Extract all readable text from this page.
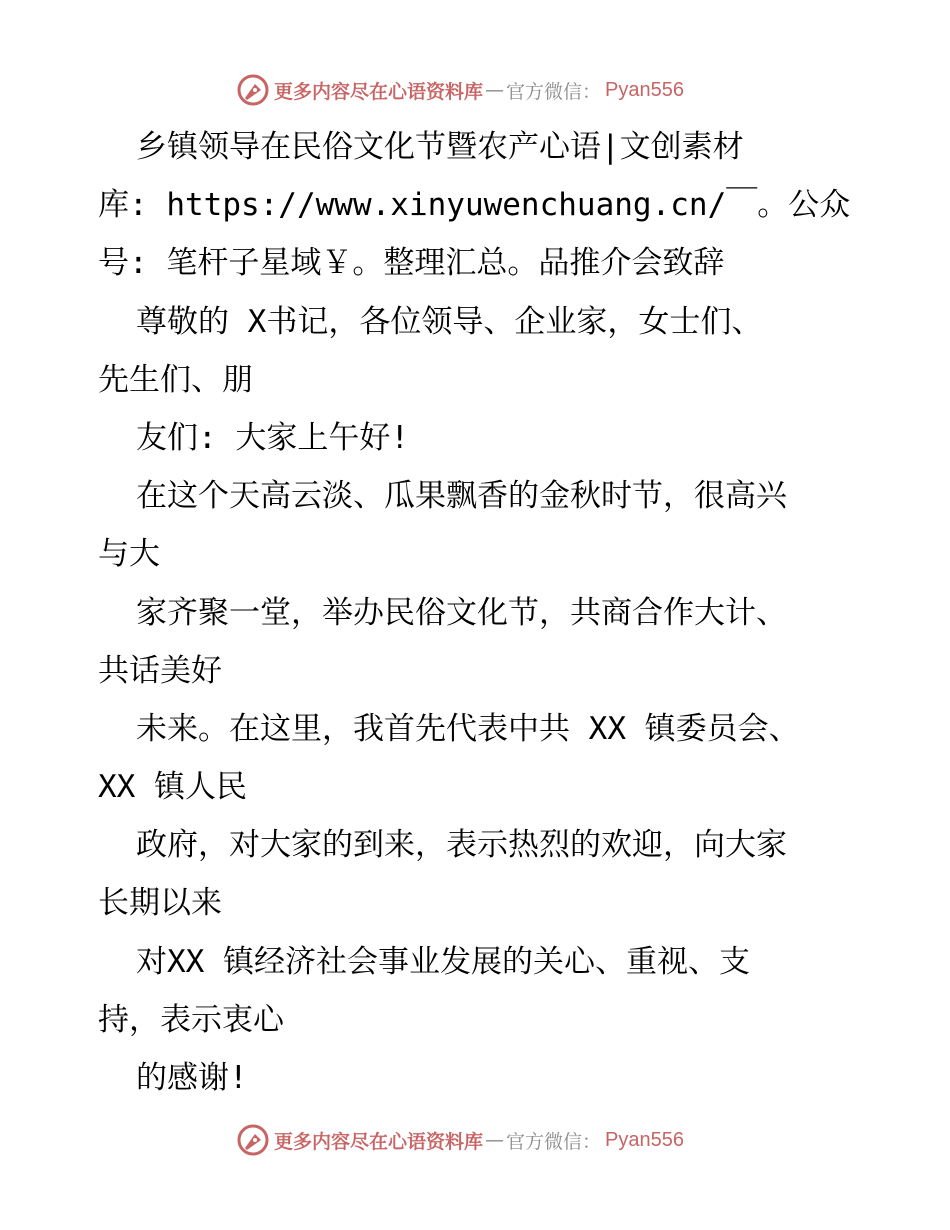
更多内容尽在心语资料库 — 官方微信： Pyan556

乡镇领导在民俗文化节暨农产心语|文创素材

库: https://www.xinyuwenchuang.cn/￣。公众

号: 笔杆子星域￥。整理汇总。品推介会致辞

尊敬的 X书记，各位领导、企业家，女士们、

先生们、朋

友们: 大家上午好!

在这个天高云淡、瓜果飘香的金秋时节，很高兴

与大

家齐聚一堂，举办民俗文化节，共商合作大计、

共话美好

未来。在这里，我首先代表中共 XX 镇委员会、

XX 镇人民

政府，对大家的到来，表示热烈的欢迎，向大家

长期以来

对XX 镇经济社会事业发展的关心、重视、支

持，表示衷心

的感谢!

更多内容尽在心语资料库 — 官方微信： Pyan556
